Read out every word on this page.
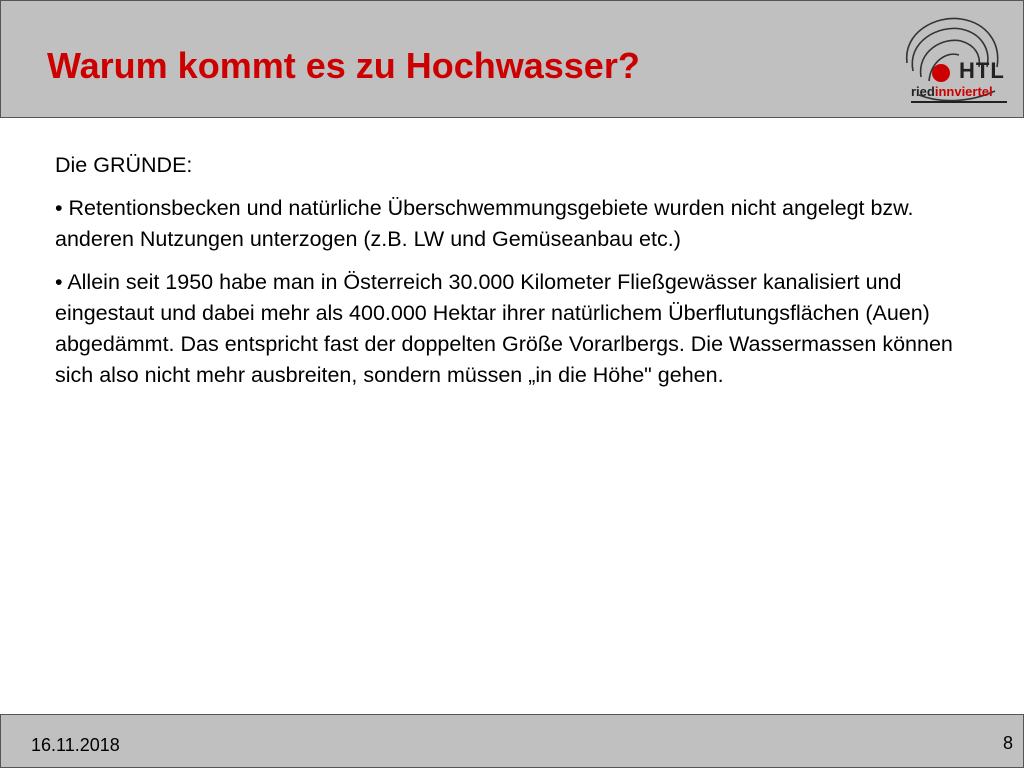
Warum kommt es zu Hochwasser?	HTL
riedinnviertel

Die GRÜNDE:

• Retentionsbecken und natürliche Überschwemmungsgebiete wurden nicht angelegt bzw. anderen Nutzungen unterzogen (z.B. LW und Gemüseanbau etc.)

• Allein seit 1950 habe man in Österreich 30.000 Kilometer Fließgewässer kanalisiert und eingestaut und dabei mehr als 400.000 Hektar ihrer natürlichem Überflutungsflächen (Auen) abgedämmt. Das entspricht fast der doppelten Größe Vorarlbergs. Die Wassermassen können sich also nicht mehr ausbreiten, sondern müssen „in die Höhe" gehen.

16.11.2018	8
